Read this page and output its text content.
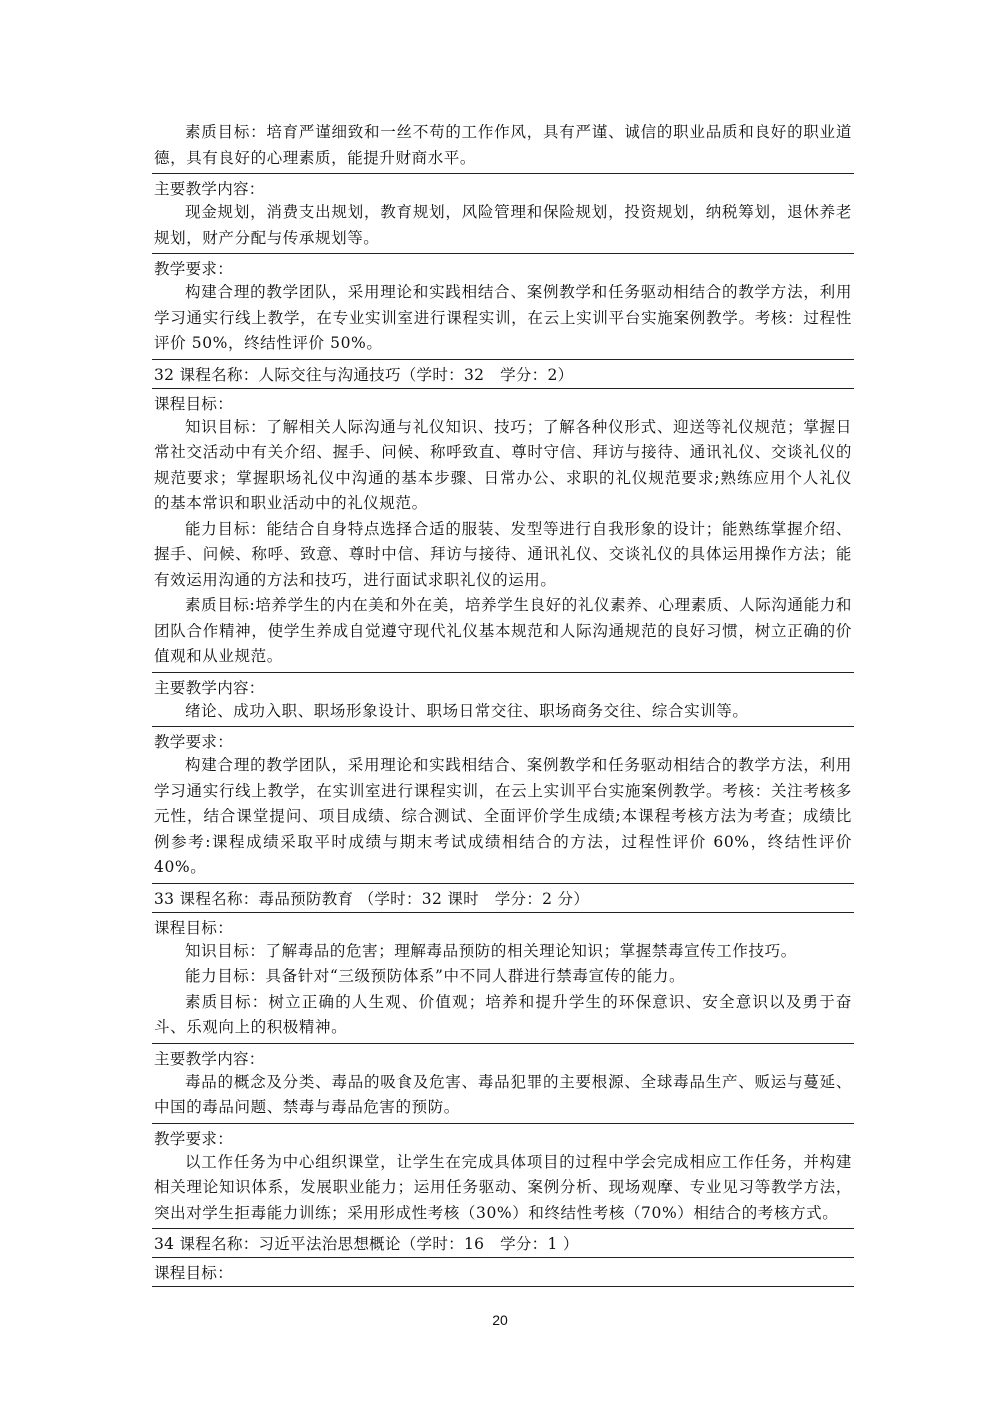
素质目标：培育严谨细致和一丝不苟的工作作风，具有严谨、诚信的职业品质和良好的职业道德，具有良好的心理素质，能提升财商水平。

主要教学内容：

现金规划，消费支出规划，教育规划，风险管理和保险规划，投资规划，纳税筹划，退休养老规划，财产分配与传承规划等。

教学要求：

构建合理的教学团队，采用理论和实践相结合、案例教学和任务驱动相结合的教学方法，利用学习通实行线上教学，在专业实训室进行课程实训，在云上实训平台实施案例教学。考核：过程性评价 50%，终结性评价 50%。

32 课程名称：人际交往与沟通技巧（学时：32　学分：2）
课程目标：

知识目标：了解相关人际沟通与礼仪知识、技巧；了解各种仪形式、迎送等礼仪规范；掌握日常社交活动中有关介绍、握手、问候、称呼致直、尊时守信、拜访与接待、通讯礼仪、交谈礼仪的规范要求；掌握职场礼仪中沟通的基本步骤、日常办公、求职的礼仪规范要求;熟练应用个人礼仪的基本常识和职业活动中的礼仪规范。

能力目标：能结合自身特点选择合适的服装、发型等进行自我形象的设计；能熟练掌握介绍、握手、问候、称呼、致意、尊时中信、拜访与接待、通讯礼仪、交谈礼仪的具体运用操作方法；能有效运用沟通的方法和技巧，进行面试求职礼仪的运用。

素质目标:培养学生的内在美和外在美，培养学生良好的礼仪素养、心理素质、人际沟通能力和团队合作精神，使学生养成自觉遵守现代礼仪基本规范和人际沟通规范的良好习惯，树立正确的价值观和从业规范。

主要教学内容：

绪论、成功入职、职场形象设计、职场日常交往、职场商务交往、综合实训等。

教学要求：

构建合理的教学团队，采用理论和实践相结合、案例教学和任务驱动相结合的教学方法，利用学习通实行线上教学，在实训室进行课程实训，在云上实训平台实施案例教学。考核：关注考核多元性，结合课堂提问、项目成绩、综合测试、全面评价学生成绩;本课程考核方法为考查；成绩比例参考:课程成绩采取平时成绩与期末考试成绩相结合的方法，过程性评价 60%，终结性评价 40%。

33 课程名称：毒品预防教育 （学时：32 课时　学分：2 分）
课程目标：

知识目标：了解毒品的危害；理解毒品预防的相关理论知识；掌握禁毒宣传工作技巧。

能力目标：具备针对“三级预防体系”中不同人群进行禁毒宣传的能力。

素质目标：树立正确的人生观、价值观；培养和提升学生的环保意识、安全意识以及勇于奋斗、乐观向上的积极精神。

主要教学内容：

毒品的概念及分类、毒品的吸食及危害、毒品犯罪的主要根源、全球毒品生产、贩运与蔓延、中国的毒品问题、禁毒与毒品危害的预防。

教学要求：

以工作任务为中心组织课堂，让学生在完成具体项目的过程中学会完成相应工作任务，并构建相关理论知识体系，发展职业能力；运用任务驱动、案例分析、现场观摩、专业见习等教学方法，突出对学生拒毒能力训练；采用形成性考核（30%）和终结性考核（70%）相结合的考核方式。

34 课程名称：习近平法治思想概论（学时：16　学分：1 ）
课程目标：
20
